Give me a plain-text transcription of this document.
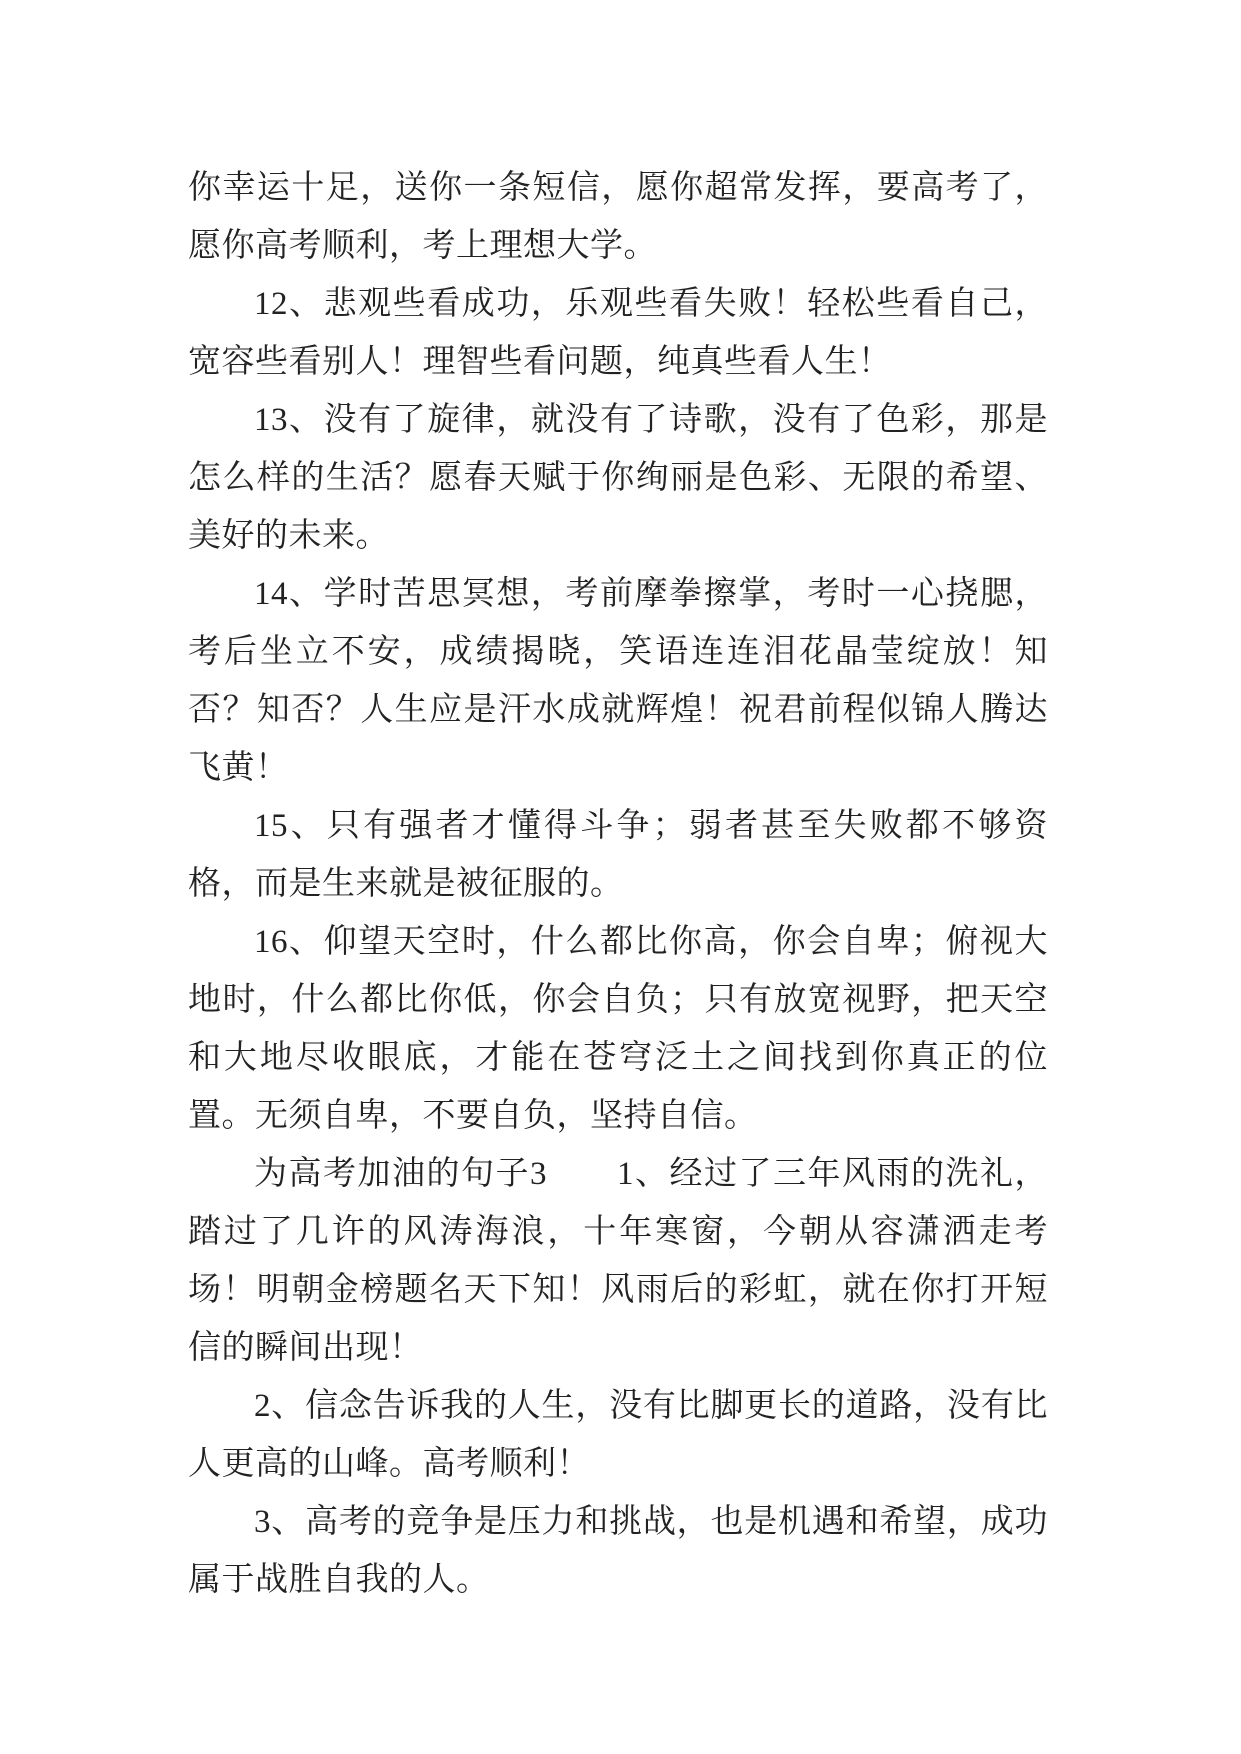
你幸运十足，送你一条短信，愿你超常发挥，要高考了，愿你高考顺利，考上理想大学。

12、悲观些看成功，乐观些看失败！轻松些看自己，宽容些看别人！理智些看问题，纯真些看人生！

13、没有了旋律，就没有了诗歌，没有了色彩，那是怎么样的生活？愿春天赋于你绚丽是色彩、无限的希望、美好的未来。

14、学时苦思冥想，考前摩拳擦掌，考时一心挠腮，考后坐立不安，成绩揭晓，笑语连连泪花晶莹绽放！知否？知否？人生应是汗水成就辉煌！祝君前程似锦人腾达飞黄！

15、只有强者才懂得斗争；弱者甚至失败都不够资格，而是生来就是被征服的。

16、仰望天空时，什么都比你高，你会自卑；俯视大地时，什么都比你低，你会自负；只有放宽视野，把天空和大地尽收眼底，才能在苍穹泛土之间找到你真正的位置。无须自卑，不要自负，坚持自信。

为高考加油的句子3　　1、经过了三年风雨的洗礼，踏过了几许的风涛海浪，十年寒窗，今朝从容潇洒走考场！明朝金榜题名天下知！风雨后的彩虹，就在你打开短信的瞬间出现！

2、信念告诉我的人生，没有比脚更长的道路，没有比人更高的山峰。高考顺利！

3、高考的竞争是压力和挑战，也是机遇和希望，成功属于战胜自我的人。
